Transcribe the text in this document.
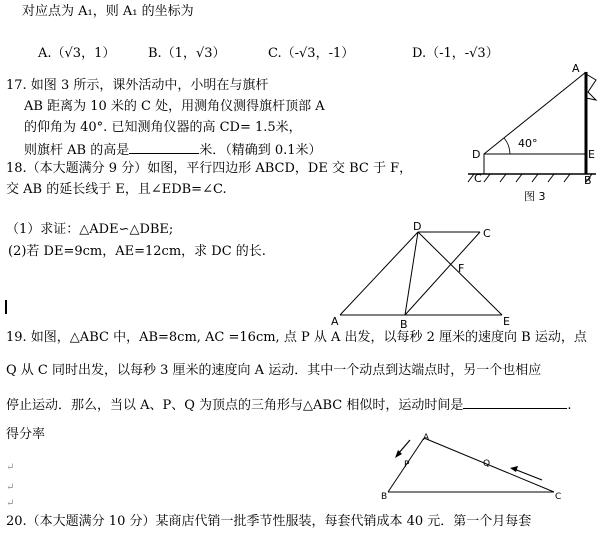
对应点为 A₁，则 A₁ 的坐标为
A.（√3，1）	B.（1，√3）	C.（-√3，-1）	D.（-1，-√3）
17. 如图 3 所示，课外活动中，小明在与旗杆
AB 距离为 10 米的 C 处，用测角仪测得旗杆顶部 A
的仰角为 40°. 已知测角仪器的高 CD= 1.5米，
则旗杆 AB 的高是	米．（精确到 0.1米）
A
D	E
C	B
40°
图 3
18.（本大题满分 9 分）如图，平行四边形 ABCD，DE 交 BC 于 F，
交 AB 的延长线于 E，且∠EDB=∠C.
（1）求证：△ADE∽△DBE;
(2)若 DE=9cm，AE=12cm，求 DC 的长.
A	B
C
D
E
F
19. 如图，△ABC 中，AB=8cm, AC =16cm, 点 P 从 A 出发，以每秒 2 厘米的速度向 B 运动，点
Q 从 C 同时出发，以每秒 3 厘米的速度向 A 运动．其中一个动点到达端点时，另一个也相应
停止运动．那么，当以 A、P、Q 为顶点的三角形与△ABC 相似时，运动时间是	.
得分率	A
B	C
P	Q
↵
↵
↵
20.（本大题满分 10 分）某商店代销一批季节性服装，每套代销成本 40 元．第一个月每套
